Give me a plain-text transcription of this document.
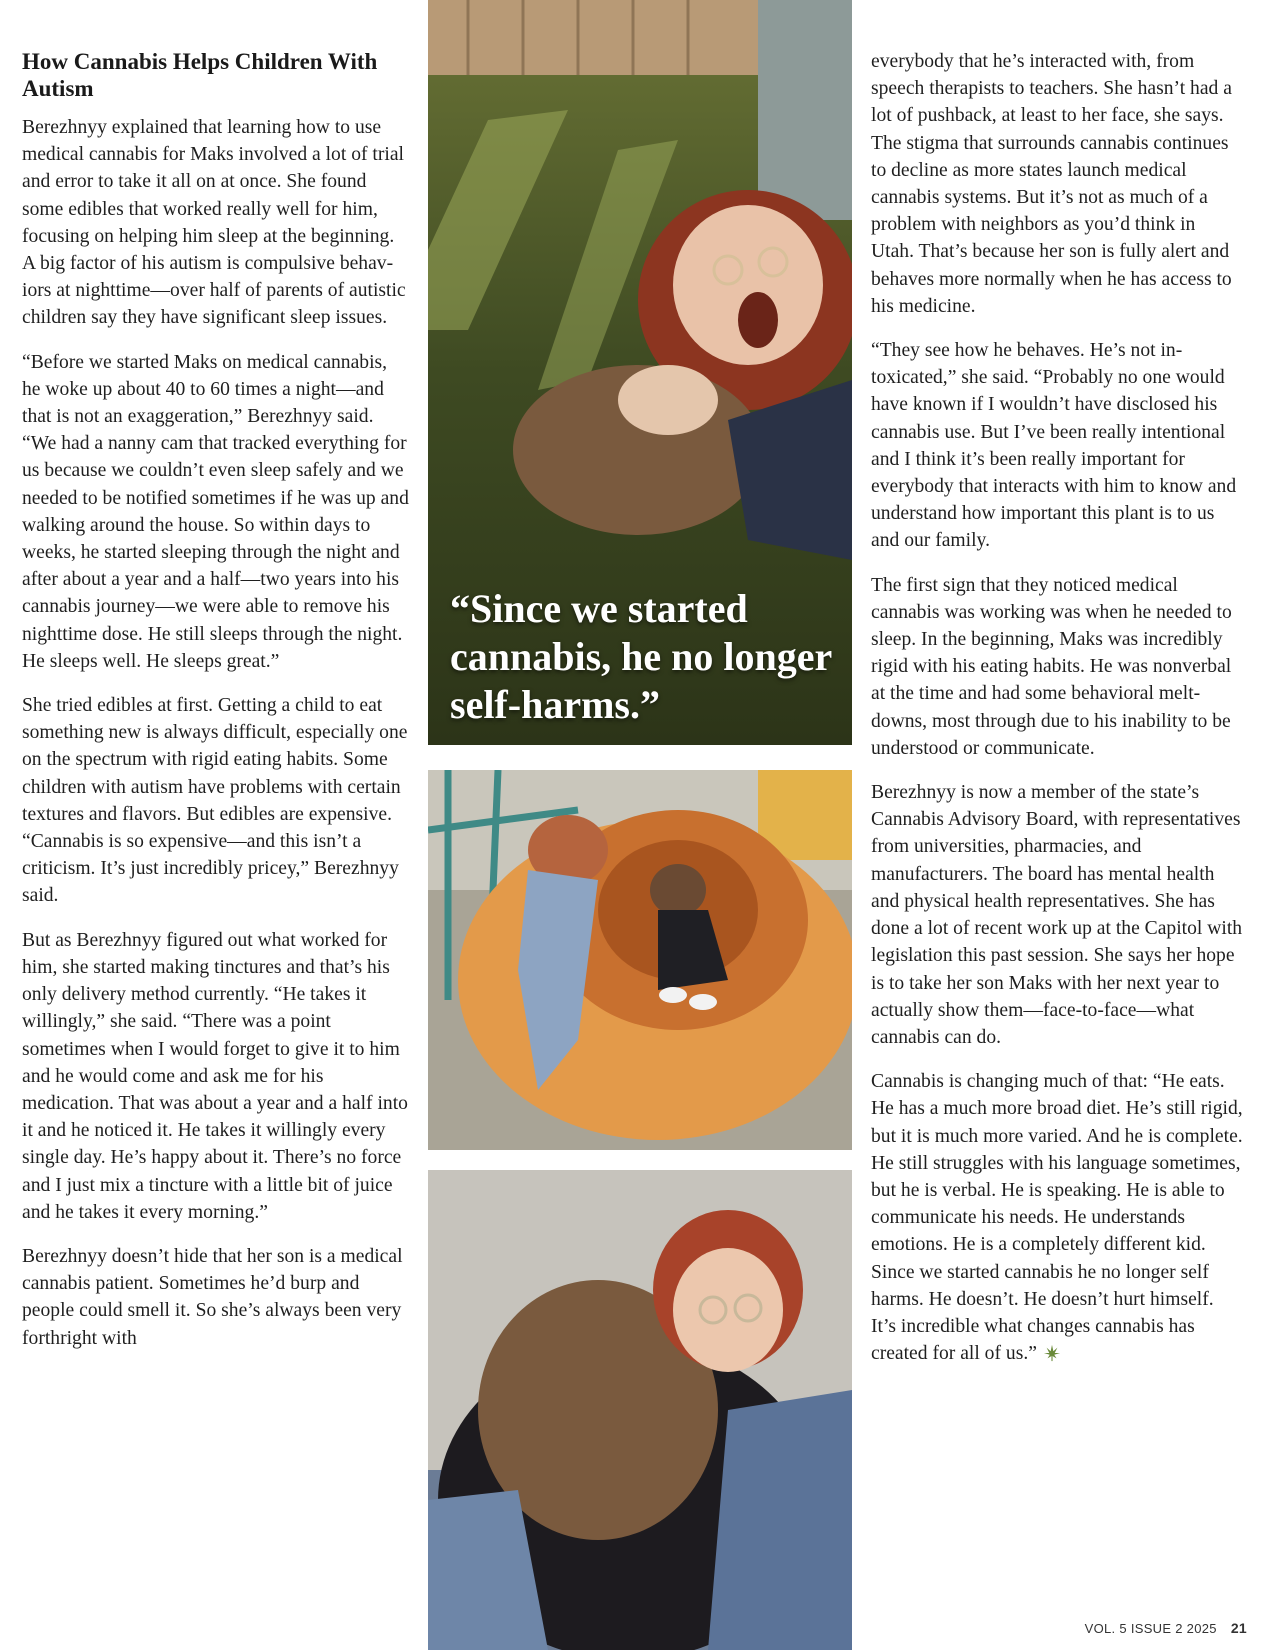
How Cannabis Helps Children With Autism

Berezhnyy explained that learning how to use medical cannabis for Maks involved a lot of trial and error to take it all on at once. She found some edibles that worked really well for him, focusing on helping him sleep at the beginning. A big factor of his autism is compulsive behaviors at nighttime—over half of parents of autistic children say they have significant sleep issues.

“Before we started Maks on medical cannabis, he woke up about 40 to 60 times a night—and that is not an exaggeration,” Berezhnyy said. “We had a nanny cam that tracked everything for us because we couldn’t even sleep safely and we needed to be notified sometimes if he was up and walking around the house. So within days to weeks, he started sleeping through the night and after about a year and a half—two years into his cannabis journey—we were able to remove his nighttime dose. He still sleeps through the night. He sleeps well. He sleeps great.”

She tried edibles at first. Getting a child to eat something new is always difficult, especially one on the spectrum with rigid eating habits. Some children with autism have problems with certain textures and flavors. But edibles are expensive. “Cannabis is so expensive—and this isn’t a criticism. It’s just incredibly pricey,” Berezhnyy said.

But as Berezhnyy figured out what worked for him, she started making tinctures and that’s his only delivery method currently. “He takes it willingly,” she said. “There was a point sometimes when I would forget to give it to him and he would come and ask me for his medication. That was about a year and a half into it and he noticed it. He takes it willingly every single day. He’s happy about it. There’s no force and I just mix a tincture with a little bit of juice and he takes it every morning.”

Berezhnyy doesn’t hide that her son is a medical cannabis patient. Sometimes he’d burp and people could smell it. So she’s always been very forthright with

“Since we started cannabis, he no longer self-harms.”

everybody that he’s interacted with, from speech therapists to teachers. She hasn’t had a lot of pushback, at least to her face, she says. The stigma that surrounds cannabis continues to decline as more states launch medical cannabis systems. But it’s not as much of a problem with neighbors as you’d think in Utah. That’s because her son is fully alert and behaves more normally when he has access to his medicine.

“They see how he behaves. He’s not intoxicated,” she said. “Probably no one would have known if I wouldn’t have disclosed his cannabis use. But I’ve been really intentional and I think it’s been really important for everybody that interacts with him to know and understand how important this plant is to us and our family.

The first sign that they noticed medical cannabis was working was when he needed to sleep. In the beginning, Maks was incredibly rigid with his eating habits. He was nonverbal at the time and had some behavioral meltdowns, most through due to his inability to be understood or communicate.

Berezhnyy is now a member of the state’s Cannabis Advisory Board, with representatives from universities, pharmacies, and manufacturers. The board has mental health and physical health representatives. She has done a lot of recent work up at the Capitol with legislation this past session. She says her hope is to take her son Maks with her next year to actually show them—face-to-face—what cannabis can do.

Cannabis is changing much of that: “He eats. He has a much more broad diet. He’s still rigid, but it is much more varied. And he is complete. He still struggles with his language sometimes, but he is verbal. He is speaking. He is able to communicate his needs. He understands emotions. He is a completely different kid. Since we started cannabis he no longer self harms. He doesn’t. He doesn’t hurt himself. It’s incredible what changes cannabis has created for all of us.”

VOL. 5 ISSUE 2 2025 21
